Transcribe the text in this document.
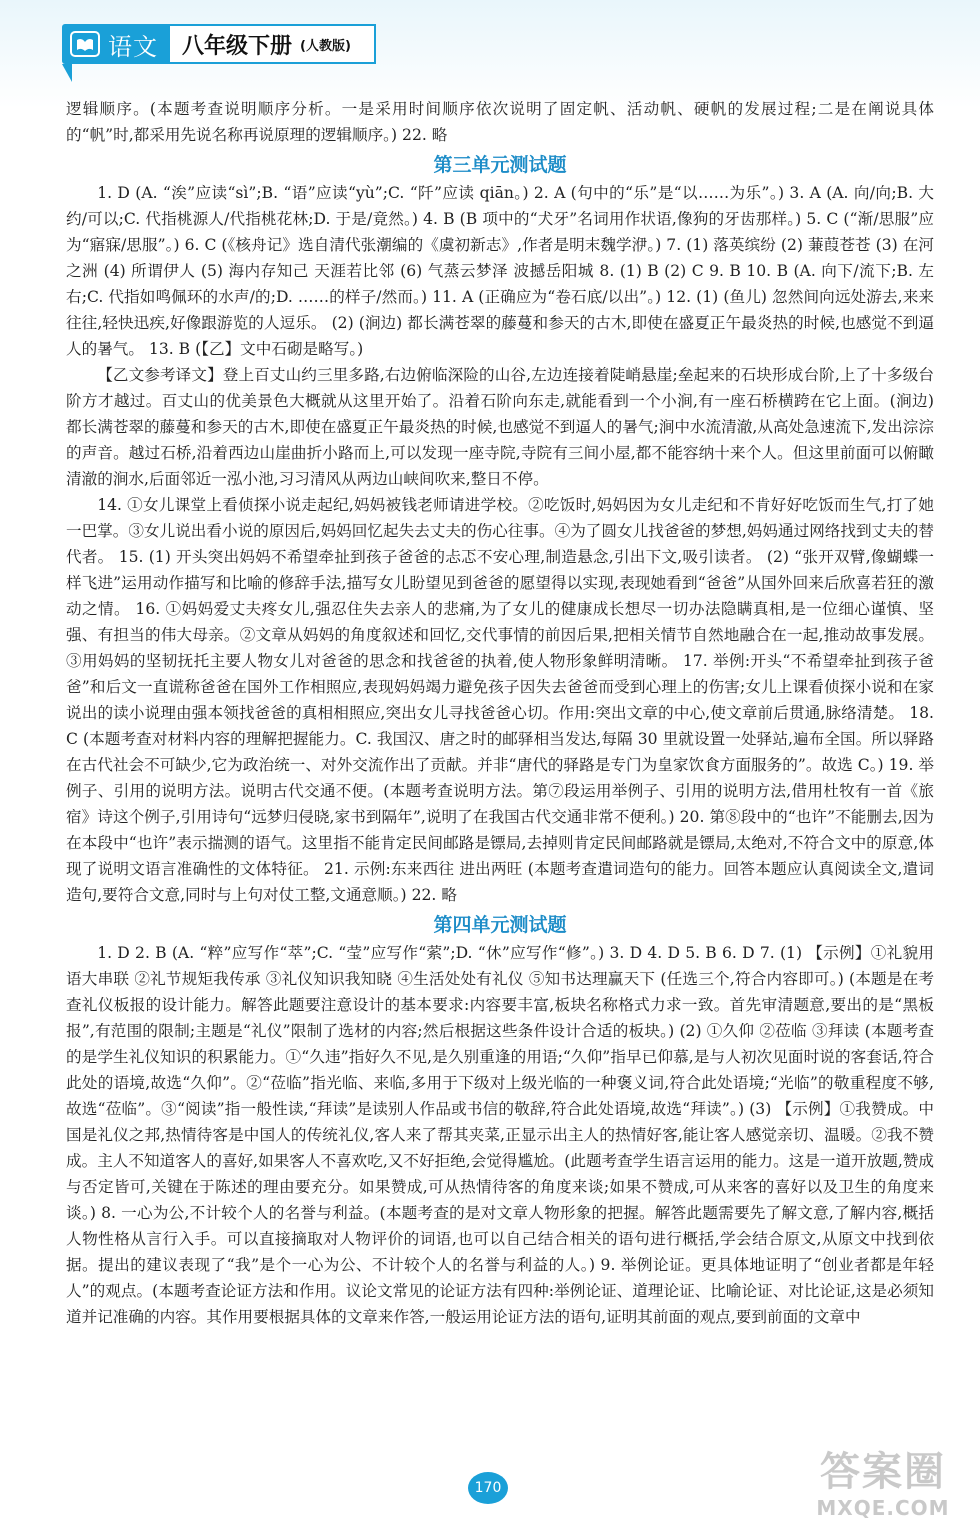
语文 八年级下册 (人教版)

逻辑顺序。(本题考查说明顺序分析。一是采用时间顺序依次说明了固定帆、活动帆、硬帆的发展过程;二是在阐说具体的“帆”时,都采用先说名称再说原理的逻辑顺序。) 22. 略

第三单元测试题

1. D (A. “涘”应读“sì”;B. “语”应读“yù”;C. “阡”应读 qiān。) 2. A (句中的“乐”是“以……为乐”。) 3. A (A. 向/向;B. 大约/可以;C. 代指桃源人/代指桃花林;D. 于是/竟然。) 4. B (B 项中的“犬牙”名词用作状语,像狗的牙齿那样。) 5. C (“渐/思服”应为“寤寐/思服”。) 6. C (《核舟记》选自清代张潮编的《虞初新志》,作者是明末魏学洢。) 7. (1) 落英缤纷 (2) 蒹葭苍苍 (3) 在河之洲 (4) 所谓伊人 (5) 海内存知己 天涯若比邻 (6) 气蒸云梦泽 波撼岳阳城 8. (1) B (2) C 9. B 10. B (A. 向下/流下;B. 左右;C. 代指如鸣佩环的水声/的;D. ……的样子/然而。) 11. A (正确应为“卷石底/以出”。) 12. (1) (鱼儿) 忽然间向远处游去,来来往往,轻快迅疾,好像跟游览的人逗乐。 (2) (涧边) 都长满苍翠的藤蔓和参天的古木,即使在盛夏正午最炎热的时候,也感觉不到逼人的暑气。 13. B (【乙】文中石砌是略写。)

【乙文参考译文】登上百丈山约三里多路,右边俯临深险的山谷,左边连接着陡峭悬崖;垒起来的石块形成台阶,上了十多级台阶方才越过。百丈山的优美景色大概就从这里开始了。沿着石阶向东走,就能看到一个小涧,有一座石桥横跨在它上面。(涧边) 都长满苍翠的藤蔓和参天的古木,即使在盛夏正午最炎热的时候,也感觉不到逼人的暑气;涧中水流清澈,从高处急速流下,发出淙淙的声音。越过石桥,沿着西边山崖曲折小路而上,可以发现一座寺院,寺院有三间小屋,都不能容纳十来个人。但这里前面可以俯瞰清澈的涧水,后面邻近一泓小池,习习清风从两边山峡间吹来,整日不停。

14. ①女儿课堂上看侦探小说走起纪,妈妈被钱老师请进学校。②吃饭时,妈妈因为女儿走纪和不肯好好吃饭而生气,打了她一巴掌。③女儿说出看小说的原因后,妈妈回忆起失去丈夫的伤心往事。④为了圆女儿找爸爸的梦想,妈妈通过网络找到丈夫的替代者。 15. (1) 开头突出妈妈不希望牵扯到孩子爸爸的忐忑不安心理,制造悬念,引出下文,吸引读者。 (2) “张开双臂,像蝴蝶一样飞进”运用动作描写和比喻的修辞手法,描写女儿盼望见到爸爸的愿望得以实现,表现她看到“爸爸”从国外回来后欣喜若狂的激动之情。 16. ①妈妈爱丈夫疼女儿,强忍住失去亲人的悲痛,为了女儿的健康成长想尽一切办法隐瞒真相,是一位细心谨慎、坚强、有担当的伟大母亲。②文章从妈妈的角度叙述和回忆,交代事情的前因后果,把相关情节自然地融合在一起,推动故事发展。③用妈妈的坚韧抚托主要人物女儿对爸爸的思念和找爸爸的执着,使人物形象鲜明清晰。 17. 举例:开头“不希望牵扯到孩子爸爸”和后文一直谎称爸爸在国外工作相照应,表现妈妈竭力避免孩子因失去爸爸而受到心理上的伤害;女儿上课看侦探小说和在家说出的读小说理由强本领找爸爸的真相相照应,突出女儿寻找爸爸心切。作用:突出文章的中心,使文章前后贯通,脉络清楚。 18. C (本题考查对材料内容的理解把握能力。C. 我国汉、唐之时的邮驿相当发达,每隔 30 里就设置一处驿站,遍布全国。所以驿路在古代社会不可缺少,它为政治统一、对外交流作出了贡献。并非“唐代的驿路是专门为皇家饮食方面服务的”。故选 C。) 19. 举例子、引用的说明方法。说明古代交通不便。(本题考查说明方法。第⑦段运用举例子、引用的说明方法,借用杜牧有一首《旅宿》诗这个例子,引用诗句“远梦归侵晓,家书到隔年”,说明了在我国古代交通非常不便利。) 20. 第⑧段中的“也许”不能删去,因为在本段中“也许”表示揣测的语气。这里指不能肯定民间邮路是镖局,去掉则肯定民间邮路就是镖局,太绝对,不符合文中的原意,体现了说明文语言准确性的文体特征。 21. 示例:东来西往 进出两旺 (本题考查遣词造句的能力。回答本题应认真阅读全文,遣词造句,要符合文意,同时与上句对仗工整,文通意顺。) 22. 略

第四单元测试题

1. D 2. B (A. “粹”应写作“萃”;C. “莹”应写作“萦”;D. “休”应写作“修”。) 3. D 4. D 5. B 6. D 7. (1) 【示例】①礼貌用语大串联 ②礼节规矩我传承 ③礼仪知识我知晓 ④生活处处有礼仪 ⑤知书达理赢天下 (任选三个,符合内容即可。) (本题是在考查礼仪板报的设计能力。解答此题要注意设计的基本要求:内容要丰富,板块名称格式力求一致。首先审清题意,要出的是“黑板报”,有范围的限制;主题是“礼仪”限制了选材的内容;然后根据这些条件设计合适的板块。) (2) ①久仰 ②莅临 ③拜读 (本题考查的是学生礼仪知识的积累能力。①“久违”指好久不见,是久别重逢的用语;“久仰”指早已仰慕,是与人初次见面时说的客套话,符合此处的语境,故选“久仰”。②“莅临”指光临、来临,多用于下级对上级光临的一种褒义词,符合此处语境;“光临”的敬重程度不够,故选“莅临”。③“阅读”指一般性读,“拜读”是读别人作品或书信的敬辞,符合此处语境,故选“拜读”。) (3) 【示例】①我赞成。中国是礼仪之邦,热情待客是中国人的传统礼仪,客人来了帮其夹菜,正显示出主人的热情好客,能让客人感觉亲切、温暖。②我不赞成。主人不知道客人的喜好,如果客人不喜欢吃,又不好拒绝,会觉得尴尬。(此题考查学生语言运用的能力。这是一道开放题,赞成与否定皆可,关键在于陈述的理由要充分。如果赞成,可从热情待客的角度来谈;如果不赞成,可从来客的喜好以及卫生的角度来谈。) 8. 一心为公,不计较个人的名誉与利益。(本题考查的是对文章人物形象的把握。解答此题需要先了解文意,了解内容,概括人物性格从言行入手。可以直接摘取对人物评价的词语,也可以自己结合相关的语句进行概括,学会结合原文,从原文中找到依据。提出的建议表现了“我”是个一心为公、不计较个人的名誉与利益的人。) 9. 举例论证。更具体地证明了“创业者都是年轻人”的观点。(本题考查论证方法和作用。议论文常见的论证方法有四种:举例论证、道理论证、比喻论证、对比论证,这是必须知道并记准确的内容。其作用要根据具体的文章来作答,一般运用论证方法的语句,证明其前面的观点,要到前面的文章中

170	答案圈
MXQE.COM
